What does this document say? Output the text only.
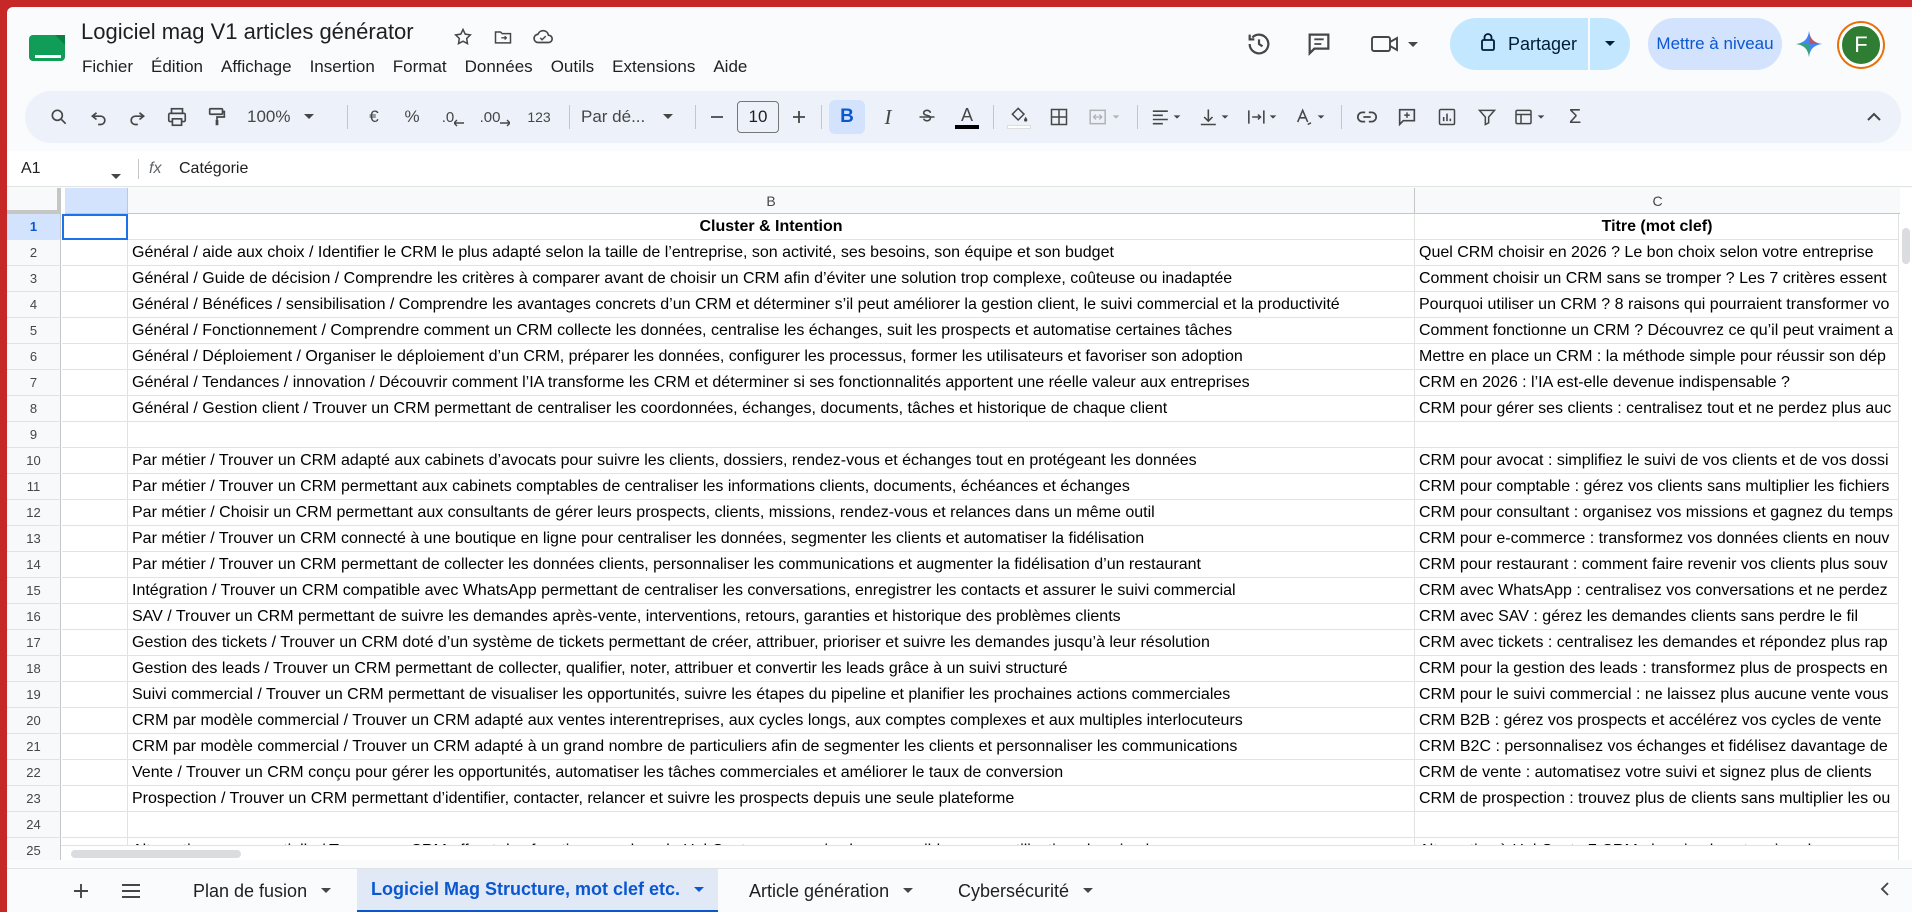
Logiciel mag V1 articles générator
Fichier	Édition	Affichage	Insertion	Format	Données	Outils	Extensions	Aide
Partager	Mettre à niveau	F
100%	€	%	.0 .00	123	Par dé...	10	B	I	A	Σ
A1	fx Catégorie
B	C
1	Cluster & Intention	Titre (mot clef)
2	Général / aide aux choix / Identifier le CRM le plus adapté selon la taille de l’entreprise, son activité, ses besoins, son équipe et son budget	Quel CRM choisir en 2026 ? Le bon choix selon votre entreprise
3	Général / Guide de décision / Comprendre les critères à comparer avant de choisir un CRM afin d’éviter une solution trop complexe, coûteuse ou inadaptée	Comment choisir un CRM sans se tromper ? Les 7 critères essent
4	Général / Bénéfices / sensibilisation / Comprendre les avantages concrets d’un CRM et déterminer s’il peut améliorer la gestion client, le suivi commercial et la productivité	Pourquoi utiliser un CRM ? 8 raisons qui pourraient transformer vo
5	Général / Fonctionnement / Comprendre comment un CRM collecte les données, centralise les échanges, suit les prospects et automatise certaines tâches	Comment fonctionne un CRM ? Découvrez ce qu’il peut vraiment a
6	Général / Déploiement / Organiser le déploiement d’un CRM, préparer les données, configurer les processus, former les utilisateurs et favoriser son adoption	Mettre en place un CRM : la méthode simple pour réussir son dép
7	Général / Tendances / innovation / Découvrir comment l’IA transforme les CRM et déterminer si ses fonctionnalités apportent une réelle valeur aux entreprises	CRM en 2026 : l’IA est-elle devenue indispensable ?
8	Général / Gestion client / Trouver un CRM permettant de centraliser les coordonnées, échanges, documents, tâches et historique de chaque client	CRM pour gérer ses clients : centralisez tout et ne perdez plus auc
9
10	Par métier / Trouver un CRM adapté aux cabinets d’avocats pour suivre les clients, dossiers, rendez-vous et échanges tout en protégeant les données	CRM pour avocat : simplifiez le suivi de vos clients et de vos dossi
11	Par métier / Trouver un CRM permettant aux cabinets comptables de centraliser les informations clients, documents, échéances et échanges	CRM pour comptable : gérez vos clients sans multiplier les fichiers
12	Par métier / Choisir un CRM permettant aux consultants de gérer leurs prospects, clients, missions, rendez-vous et relances dans un même outil	CRM pour consultant : organisez vos missions et gagnez du temps
13	Par métier / Trouver un CRM connecté à une boutique en ligne pour centraliser les données, segmenter les clients et automatiser la fidélisation	CRM pour e-commerce : transformez vos données clients en nouv
14	Par métier / Trouver un CRM permettant de collecter les données clients, personnaliser les communications et augmenter la fidélisation d’un restaurant	CRM pour restaurant : comment faire revenir vos clients plus souv
15	Intégration / Trouver un CRM compatible avec WhatsApp permettant de centraliser les conversations, enregistrer les contacts et assurer le suivi commercial	CRM avec WhatsApp : centralisez vos conversations et ne perdez
16	SAV / Trouver un CRM permettant de suivre les demandes après-vente, interventions, retours, garanties et historique des problèmes clients	CRM avec SAV : gérez les demandes clients sans perdre le fil
17	Gestion des tickets / Trouver un CRM doté d’un système de tickets permettant de créer, attribuer, prioriser et suivre les demandes jusqu’à leur résolution	CRM avec tickets : centralisez les demandes et répondez plus rap
18	Gestion des leads / Trouver un CRM permettant de collecter, qualifier, noter, attribuer et convertir les leads grâce à un suivi structuré	CRM pour la gestion des leads : transformez plus de prospects en
19	Suivi commercial / Trouver un CRM permettant de visualiser les opportunités, suivre les étapes du pipeline et planifier les prochaines actions commerciales	CRM pour le suivi commercial : ne laissez plus aucune vente vous
20	CRM par modèle commercial / Trouver un CRM adapté aux ventes interentreprises, aux cycles longs, aux comptes complexes et aux multiples interlocuteurs	CRM B2B : gérez vos prospects et accélérez vos cycles de vente
21	CRM par modèle commercial / Trouver un CRM adapté à un grand nombre de particuliers afin de segmenter les clients et personnaliser les communications	CRM B2C : personnalisez vos échanges et fidélisez davantage de
22	Vente / Trouver un CRM conçu pour gérer les opportunités, automatiser les tâches commerciales et améliorer le taux de conversion	CRM de vente : automatisez votre suivi et signez plus de clients
23	Prospection / Trouver un CRM permettant d’identifier, contacter, relancer et suivre les prospects depuis une seule plateforme	CRM de prospection : trouvez plus de clients sans multiplier les ou
24
25
Plan de fusion	Logiciel Mag Structure, mot clef etc.	Article génération	Cybersécurité
